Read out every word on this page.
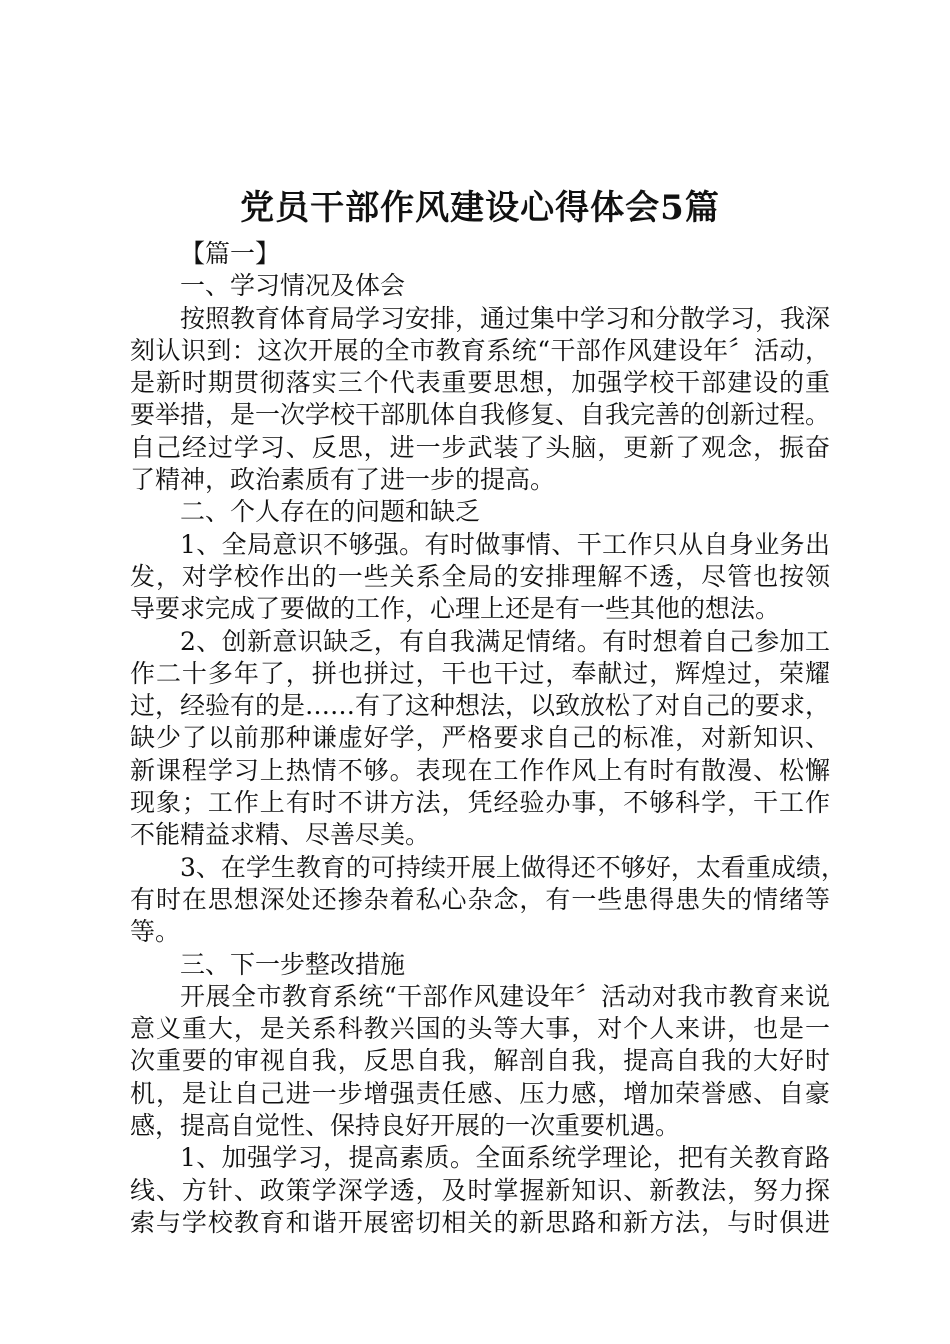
党员干部作风建设心得体会5篇
【篇一】
一、学习情况及体会
按照教育体育局学习安排，通过集中学习和分散学习，我深
刻认识到：这次开展的全市教育系统“干部作风建设年〞活动，
是新时期贯彻落实三个代表重要思想，加强学校干部建设的重
要举措，是一次学校干部肌体自我修复、自我完善的创新过程。
自己经过学习、反思，进一步武装了头脑，更新了观念，振奋
了精神，政治素质有了进一步的提高。
二、个人存在的问题和缺乏
1、全局意识不够强。有时做事情、干工作只从自身业务出
发，对学校作出的一些关系全局的安排理解不透，尽管也按领
导要求完成了要做的工作，心理上还是有一些其他的想法。
2、创新意识缺乏，有自我满足情绪。有时想着自己参加工
作二十多年了，拼也拼过，干也干过，奉献过，辉煌过，荣耀
过，经验有的是……有了这种想法，以致放松了对自己的要求，
缺少了以前那种谦虚好学，严格要求自己的标准，对新知识、
新课程学习上热情不够。表现在工作作风上有时有散漫、松懈
现象；工作上有时不讲方法，凭经验办事，不够科学，干工作
不能精益求精、尽善尽美。
3、在学生教育的可持续开展上做得还不够好，太看重成绩，
有时在思想深处还掺杂着私心杂念，有一些患得患失的情绪等
等。
三、下一步整改措施
开展全市教育系统“干部作风建设年〞活动对我市教育来说
意义重大，是关系科教兴国的头等大事，对个人来讲，也是一
次重要的审视自我，反思自我，解剖自我，提高自我的大好时
机，是让自己进一步增强责任感、压力感，增加荣誉感、自豪
感，提高自觉性、保持良好开展的一次重要机遇。
1、加强学习，提高素质。全面系统学理论，把有关教育路
线、方针、政策学深学透，及时掌握新知识、新教法，努力探
索与学校教育和谐开展密切相关的新思路和新方法，与时俱进
